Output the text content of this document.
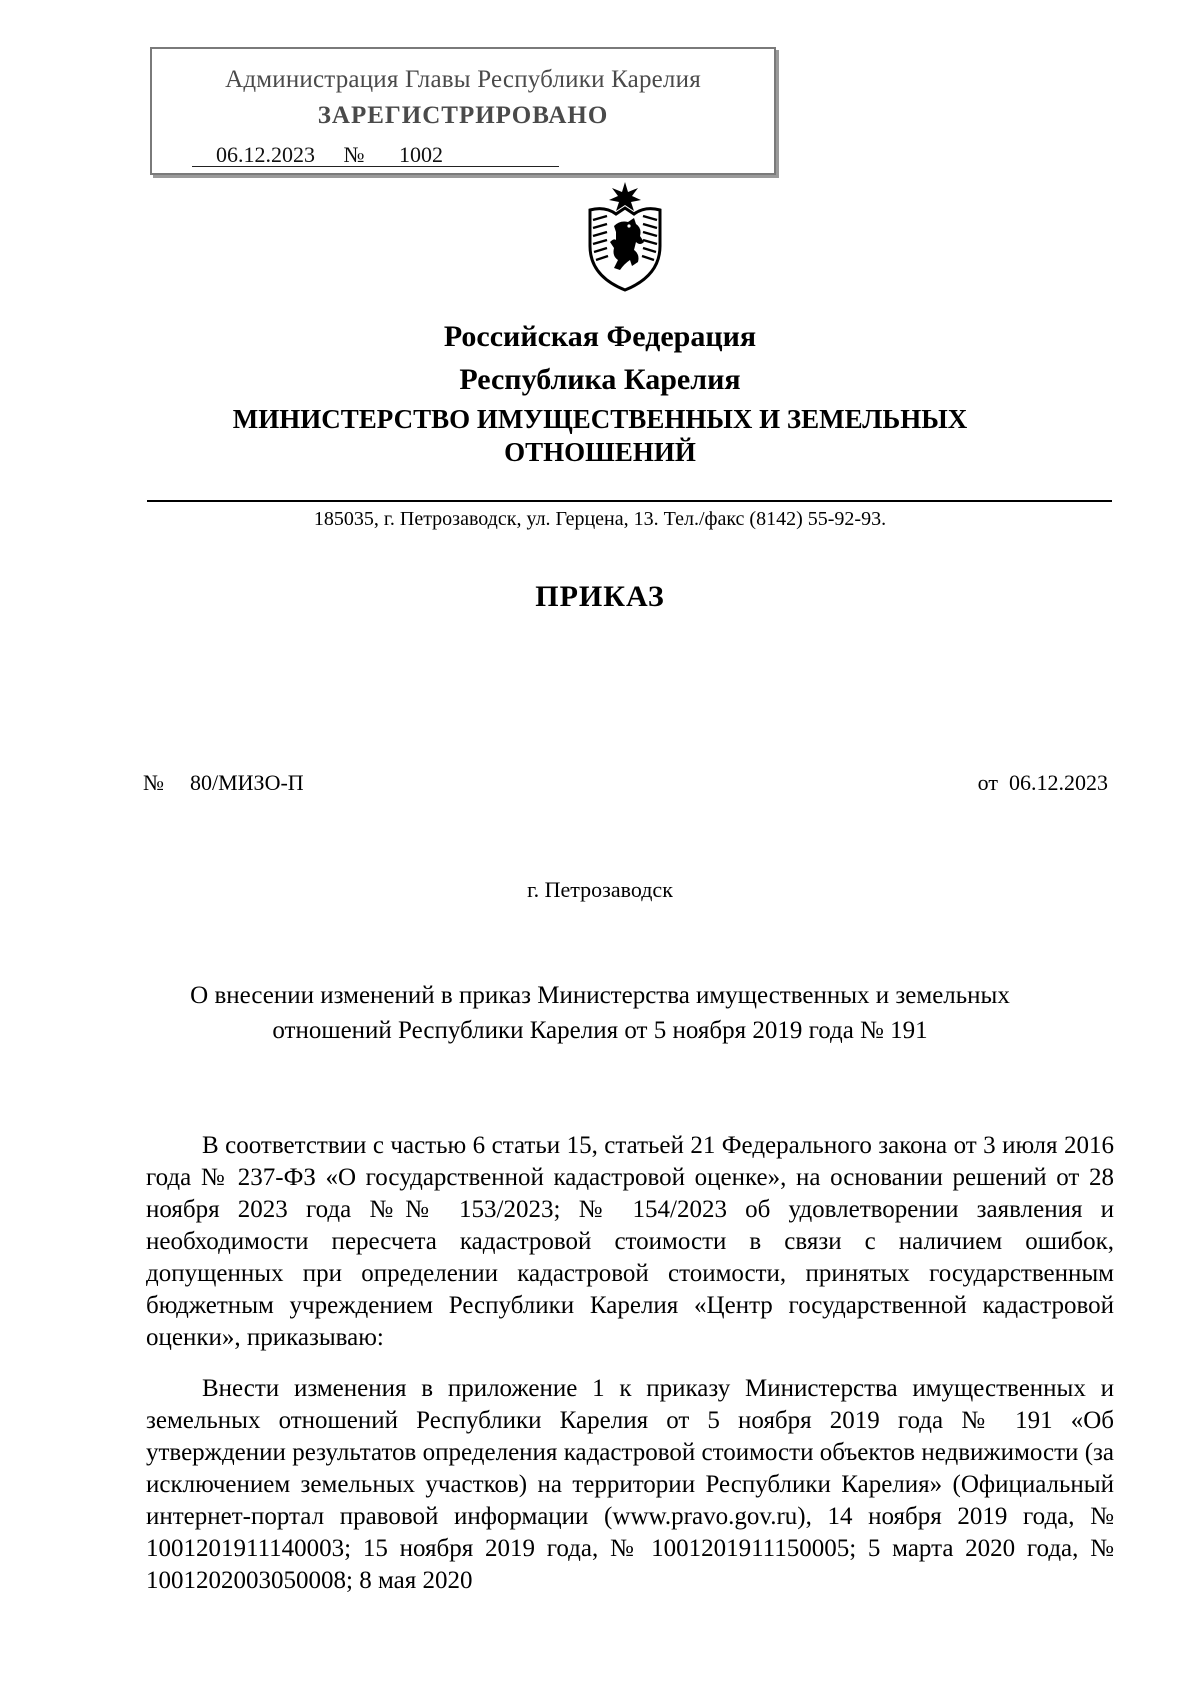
Администрация Главы Республики Карелия
ЗАРЕГИСТРИРОВАНО
06.12.2023 № 1002
Российская Федерация
Республика Карелия
МИНИСТЕРСТВО ИМУЩЕСТВЕННЫХ И ЗЕМЕЛЬНЫХ
ОТНОШЕНИЙ
185035, г. Петрозаводск, ул. Герцена, 13. Тел./факс (8142) 55-92-93.
ПРИКАЗ
№ 80/МИЗО-П	от 06.12.2023
г. Петрозаводск
О внесении изменений в приказ Министерства имущественных и земельных
отношений Республики Карелия от 5 ноября 2019 года № 191

В соответствии с частью 6 статьи 15, статьей 21 Федерального закона от 3 июля 2016 года № 237-ФЗ «О государственной кадастровой оценке», на основании решений от 28 ноября 2023 года №№ 153/2023; № 154/2023 об удовлетворении заявления и необходимости пересчета кадастровой стоимости в связи с наличием ошибок, допущенных при определении кадастровой стоимости, принятых государственным бюджетным учреждением Республики Карелия «Центр государственной кадастровой оценки», приказываю:

Внести изменения в приложение 1 к приказу Министерства имущественных и земельных отношений Республики Карелия от 5 ноября 2019 года № 191 «Об утверждении результатов определения кадастровой стоимости объектов недвижимости (за исключением земельных участков) на территории Республики Карелия» (Официальный интернет-портал правовой информации (www.pravo.gov.ru), 14 ноября 2019 года, № 1001201911140003; 15 ноября 2019 года, № 1001201911150005; 5 марта 2020 года, № 1001202003050008; 8 мая 2020
